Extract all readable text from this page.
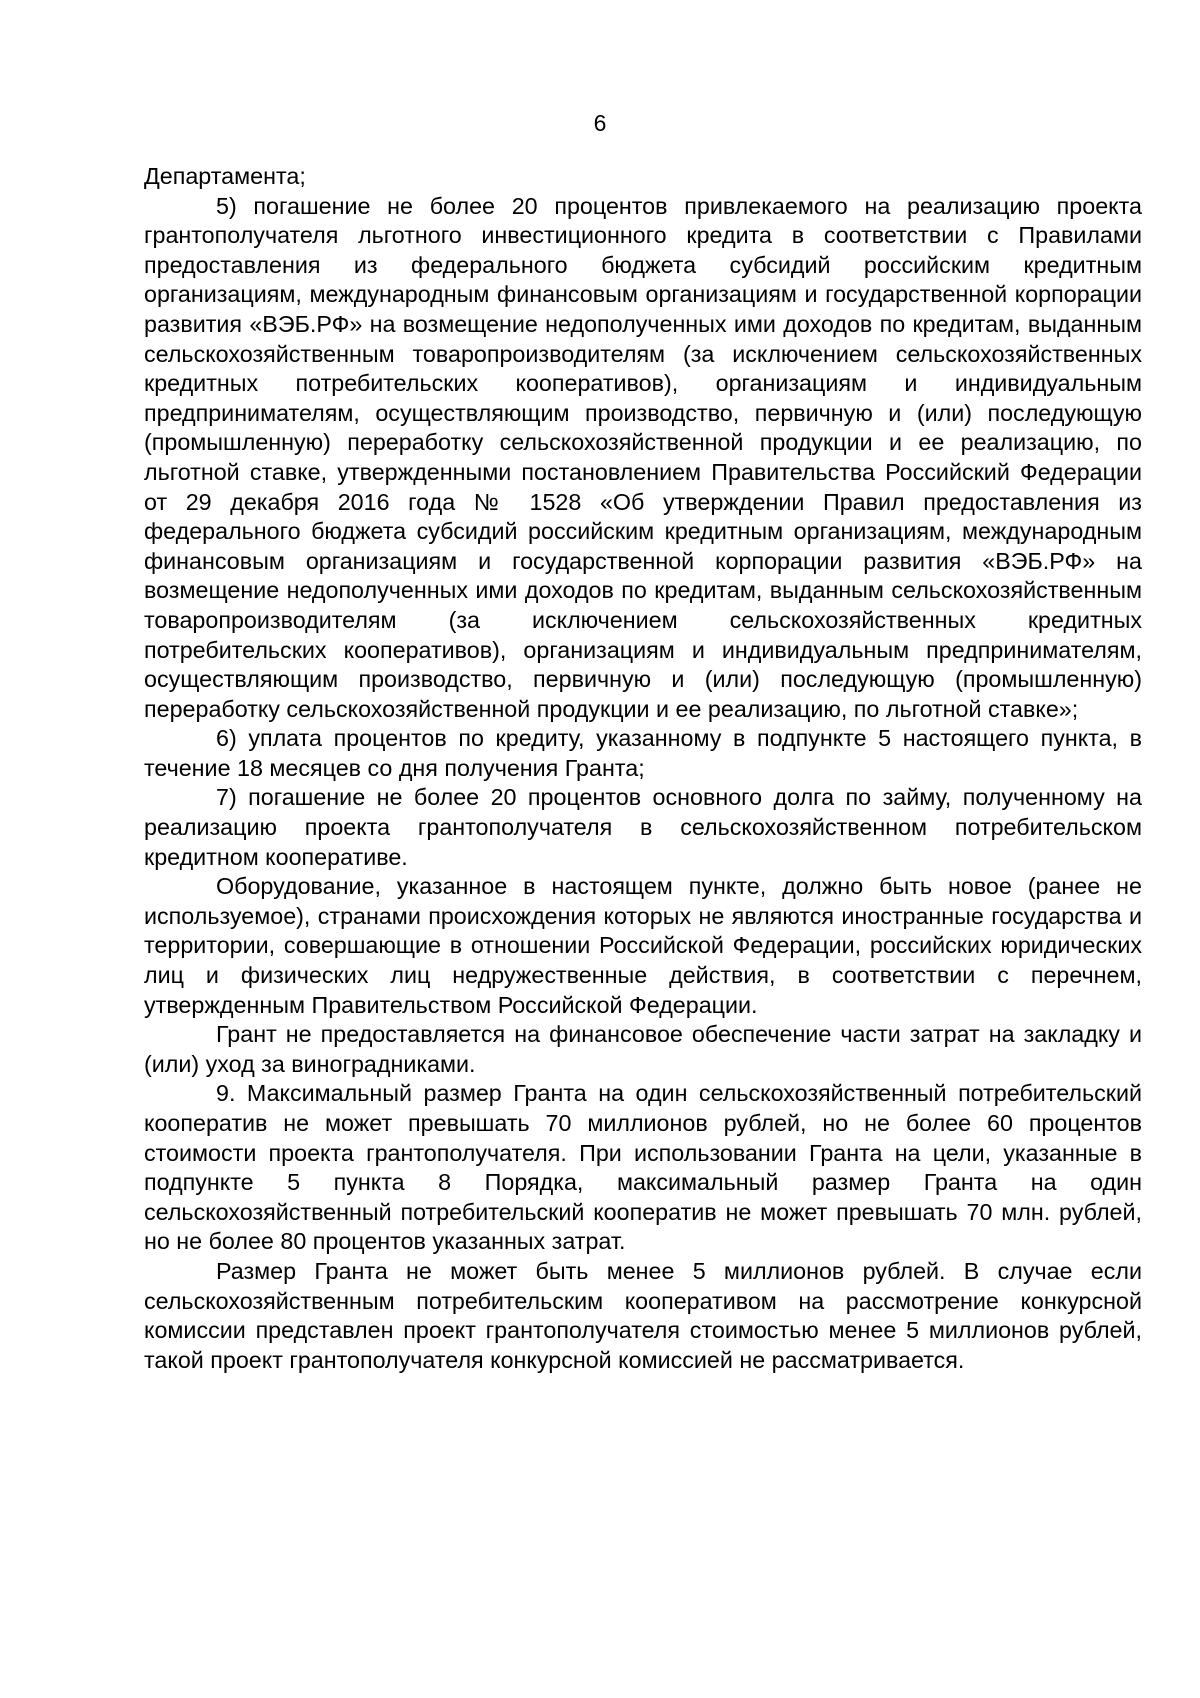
6

Департамента;

5) погашение не более 20 процентов привлекаемого на реализацию проекта грантополучателя льготного инвестиционного кредита в соответствии с Правилами предоставления из федерального бюджета субсидий российским кредитным организациям, международным финансовым организациям и государственной корпорации развития «ВЭБ.РФ» на возмещение недополученных ими доходов по кредитам, выданным сельскохозяйственным товаропроизводителям (за исключением сельскохозяйственных кредитных потребительских кооперативов), организациям и индивидуальным предпринимателям, осуществляющим производство, первичную и (или) последующую (промышленную) переработку сельскохозяйственной продукции и ее реализацию, по льготной ставке, утвержденными постановлением Правительства Российский Федерации от 29 декабря 2016 года № 1528 «Об утверждении Правил предоставления из федерального бюджета субсидий российским кредитным организациям, международным финансовым организациям и государственной корпорации развития «ВЭБ.РФ» на возмещение недополученных ими доходов по кредитам, выданным сельскохозяйственным товаропроизводителям (за исключением сельскохозяйственных кредитных потребительских кооперативов), организациям и индивидуальным предпринимателям, осуществляющим производство, первичную и (или) последующую (промышленную) переработку сельскохозяйственной продукции и ее реализацию, по льготной ставке»;

6) уплата процентов по кредиту, указанному в подпункте 5 настоящего пункта, в течение 18 месяцев со дня получения Гранта;

7) погашение не более 20 процентов основного долга по займу, полученному на реализацию проекта грантополучателя в сельскохозяйственном потребительском кредитном кооперативе.

Оборудование, указанное в настоящем пункте, должно быть новое (ранее не используемое), странами происхождения которых не являются иностранные государства и территории, совершающие в отношении Российской Федерации, российских юридических лиц и физических лиц недружественные действия, в соответствии с перечнем, утвержденным Правительством Российской Федерации.

Грант не предоставляется на финансовое обеспечение части затрат на закладку и (или) уход за виноградниками.

9. Максимальный размер Гранта на один сельскохозяйственный потребительский кооператив не может превышать 70 миллионов рублей, но не более 60 процентов стоимости проекта грантополучателя. При использовании Гранта на цели, указанные в подпункте 5 пункта 8 Порядка, максимальный размер Гранта на один сельскохозяйственный потребительский кооператив не может превышать 70 млн. рублей, но не более 80 процентов указанных затрат.

Размер Гранта не может быть менее 5 миллионов рублей. В случае если сельскохозяйственным потребительским кооперативом на рассмотрение конкурсной комиссии представлен проект грантополучателя стоимостью менее 5 миллионов рублей, такой проект грантополучателя конкурсной комиссией не рассматривается.
